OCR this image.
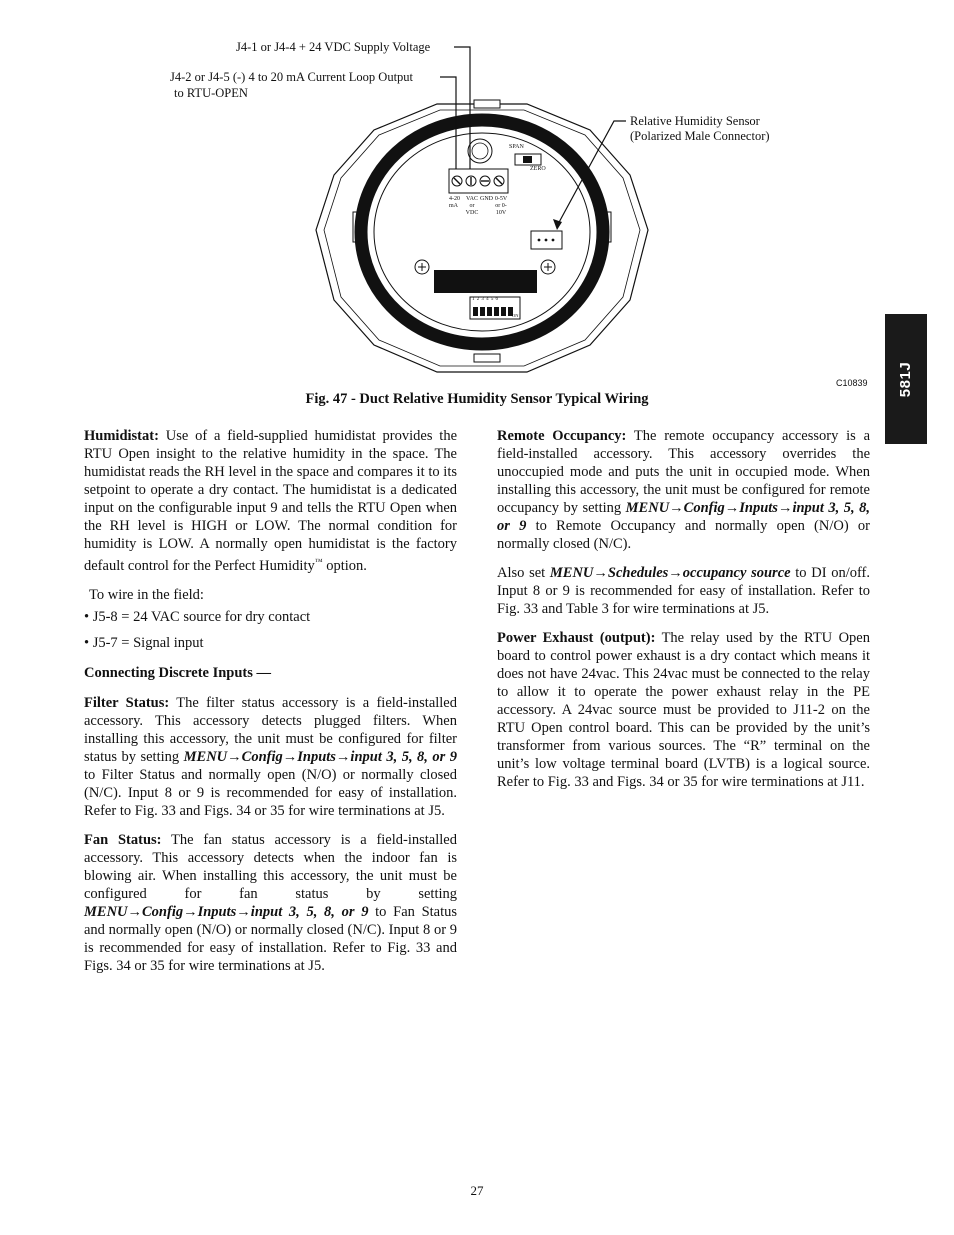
SPAN
ZERO
4-20 mA
VAC or VDC
GND 0-5V or 0-10V
123456
ON
J4-1 or J4-4 + 24 VDC Supply Voltage
J4-2 or J4-5 (-) 4 to 20 mA Current Loop Output
to RTU-OPEN
Relative Humidity Sensor
(Polarized Male Connector)
C10839
Fig. 47 - Duct Relative Humidity Sensor Typical Wiring
581J

Humidistat: Use of a field-supplied humidistat provides the RTU Open insight to the relative humidity in the space. The humidistat reads the RH level in the space and compares it to its setpoint to operate a dry contact. The humidistat is a dedicated input on the configurable input 9 and tells the RTU Open when the RH level is HIGH or LOW. The normal condition for humidity is LOW. A normally open humidistat is the factory default control for the Perfect Humidity™ option.

To wire in the field:

• J5-8 = 24 VAC source for dry contact

• J5-7 = Signal input

Connecting Discrete Inputs —

Filter Status: The filter status accessory is a field-installed accessory. This accessory detects plugged filters. When installing this accessory, the unit must be configured for filter status by setting MENU→Config→Inputs→input 3, 5, 8, or 9 to Filter Status and normally open (N/O) or normally closed (N/C). Input 8 or 9 is recommended for easy of installation. Refer to Fig. 33 and Figs. 34 or 35 for wire terminations at J5.

Fan Status: The fan status accessory is a field-installed accessory. This accessory detects when the indoor fan is blowing air. When installing this accessory, the unit must be configured for fan status by setting MENU→Config→Inputs→input 3, 5, 8, or 9 to Fan Status and normally open (N/O) or normally closed (N/C). Input 8 or 9 is recommended for easy of installation. Refer to Fig. 33 and Figs. 34 or 35 for wire terminations at J5.

Remote Occupancy: The remote occupancy accessory is a field-installed accessory. This accessory overrides the unoccupied mode and puts the unit in occupied mode. When installing this accessory, the unit must be configured for remote occupancy by setting MENU→Config→Inputs→input 3, 5, 8, or 9 to Remote Occupancy and normally open (N/O) or normally closed (N/C).

Also set MENU→Schedules→occupancy source to DI on/off. Input 8 or 9 is recommended for easy of installation. Refer to Fig. 33 and Table 3 for wire terminations at J5.

Power Exhaust (output): The relay used by the RTU Open board to control power exhaust is a dry contact which means it does not have 24vac. This 24vac must be connected to the relay to allow it to operate the power exhaust relay in the PE accessory. A 24vac source must be provided to J11-2 on the RTU Open control board. This can be provided by the unit’s transformer from various sources. The “R” terminal on the unit’s low voltage terminal board (LVTB) is a logical source. Refer to Fig. 33 and Figs. 34 or 35 for wire terminations at J11.

27
